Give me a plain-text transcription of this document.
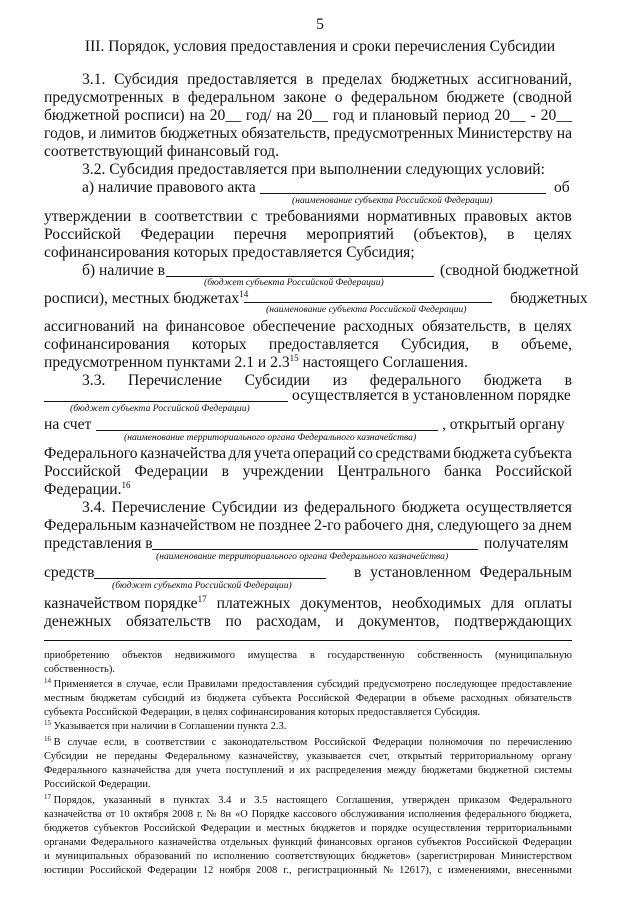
5
III. Порядок, условия предоставления и сроки перечисления Субсидии
3.1. Субсидия предоставляется в пределах бюджетных ассигнований,
предусмотренных в федеральном законе о федеральном бюджете (сводной
бюджетной росписи) на 20__ год/ на 20__ год и плановый период 20__ - 20__
годов, и лимитов бюджетных обязательств, предусмотренных Министерству на
соответствующий финансовый год.
3.2. Субсидия предоставляется при выполнении следующих условий:
а) наличие правового акта	об
(наименование субъекта Российской Федерации)
утверждении в соответствии с требованиями нормативных правовых актов
Российской Федерации перечня мероприятий (объектов), в целях
софинансирования которых предоставляется Субсидия;
б) наличие в	(сводной бюджетной
(бюджет субъекта Российской Федерации)
росписи), местных бюджетах$^{14}$	бюджетных
(наименование субъекта Российской Федерации)
ассигнований на финансовое обеспечение расходных обязательств, в целях
софинансирования которых предоставляется Субсидия, в объеме,
предусмотренном пунктами 2.1 и $2.3^{15}$ настоящего Соглашения.
3.3. Перечисление Субсидии из федерального бюджета в
осуществляется в установленном порядке
(бюджет субъекта Российской Федерации)
на счет	, открытый органу
(наименование территориального органа Федерального казначейства)
Федерального казначейства для учета операций со средствами бюджета субъекта
Российской Федерации в учреждении Центрального банка Российской
Федерации.$^{16}$
3.4. Перечисление Субсидии из федерального бюджета осуществляется
Федеральным казначейством не позднее 2-го рабочего дня, следующего за днем
представления в	получателям
(наименование территориального органа Федерального казначейства)
средств	в установленном Федеральным
(бюджет субъекта Российской Федерации)
казначейством порядке$^{17}$ платежных документов, необходимых для оплаты
денежных обязательств по расходам, и документов, подтверждающих
приобретению объектов недвижимого имущества в государственную собственность (муниципальную
собственность).
$^{14}$ Применяется в случае, если Правилами предоставления субсидий предусмотрено последующее предоставление
местным бюджетам субсидий из бюджета субъекта Российской Федерации в объеме расходных обязательств
субъекта Российской Федерации, в целях софинансирования которых предоставляется Субсидия.
$^{15}$ Указывается при наличии в Соглашении пункта 2.3.
$^{16}$ В случае если, в соответствии с законодательством Российской Федерации полномочия по перечислению
Субсидии не переданы Федеральному казначейству, указывается счет, открытый территориальному органу
Федерального казначейства для учета поступлений и их распределения между бюджетами бюджетной системы
Российской Федерации.
$^{17}$ Порядок, указанный в пунктах 3.4 и 3.5 настоящего Соглашения, утвержден приказом Федерального
казначейства от 10 октября 2008 г. № 8н «О Порядке кассового обслуживания исполнения федерального бюджета,
бюджетов субъектов Российской Федерации и местных бюджетов и порядке осуществления территориальными
органами Федерального казначейства отдельных функций финансовых органов субъектов Российской Федерации
и муниципальных образований по исполнению соответствующих бюджетов» (зарегистрирован Министерством
юстиции Российской Федерации 12 ноября 2008 г., регистрационный № 12617), с изменениями, внесенными
